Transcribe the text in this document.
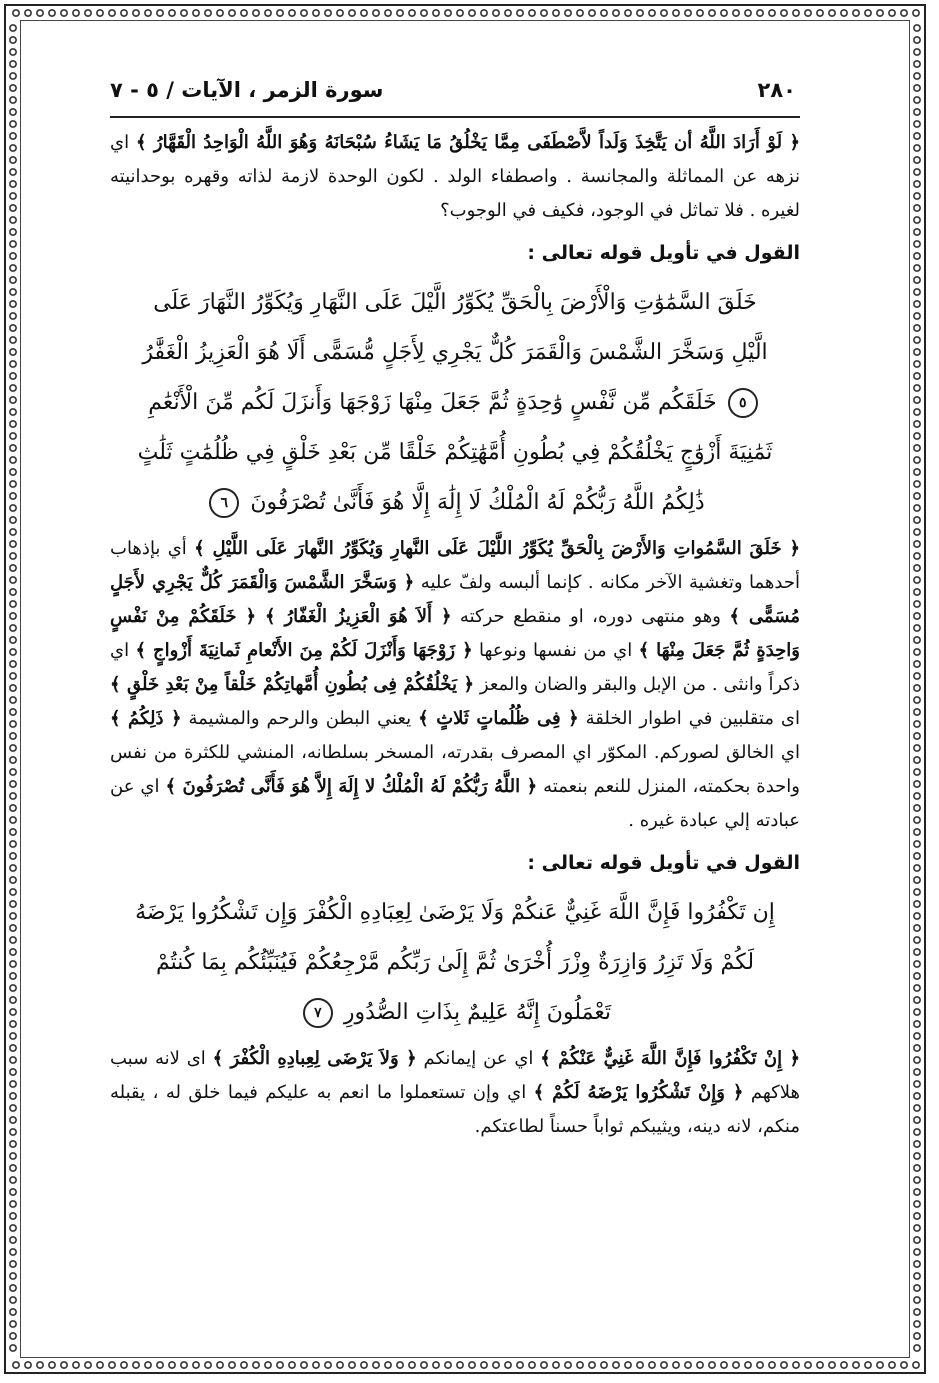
٢٨٠
سورة الزمر ، الآيات / ٥ - ٧

﴿ لَوْ أَرَادَ اللَّهُ أن يَتَّخِذَ وَلَداً لاَّصْطَفَى مِمَّا يَخْلُقُ مَا يَشَاءُ سُبْحَانَهُ وَهُوَ اللَّهُ الْوَاحِدُ الْقَهَّارُ ﴾ اي نزهه عن المماثلة والمجانسة . واصطفاء الولد . لكون الوحدة لازمة لذاته وقهره بوحدانيته لغيره . فلا تماثل في الوجود، فكيف في الوجوب؟

القول في تأويل قوله تعالى :
خَلَقَ السَّمَٰوَٰتِ وَالْأَرْضَ بِالْحَقِّ يُكَوِّرُ الَّيْلَ عَلَى النَّهَارِ وَيُكَوِّرُ النَّهَارَ عَلَى الَّيْلِ وَسَخَّرَ الشَّمْسَ وَالْقَمَرَ كُلٌّ يَجْرِي لِأَجَلٍ مُّسَمًّى أَلَا هُوَ الْعَزِيزُ الْغَفَّٰرُ ٥ خَلَقَكُم مِّن نَّفْسٍ وَٰحِدَةٍ ثُمَّ جَعَلَ مِنْهَا زَوْجَهَا وَأَنزَلَ لَكُم مِّنَ الْأَنْعَٰمِ ثَمَٰنِيَةَ أَزْوَٰجٍ يَخْلُقُكُمْ فِي بُطُونِ أُمَّهَٰتِكُمْ خَلْقًا مِّن بَعْدِ خَلْقٍ فِي ظُلُمَٰتٍ ثَلَٰثٍ ذَٰلِكُمُ اللَّهُ رَبُّكُمْ لَهُ الْمُلْكُ لَا إِلَٰهَ إِلَّا هُوَ فَأَنَّىٰ تُصْرَفُونَ ٦

﴿ خَلَقَ السَّمُواتِ وَالأَرْضَ بِالْحَقِّ يُكَوِّرُ اللَّيْلَ عَلَى النَّهارِ وَيُكَوِّرُ النَّهارَ عَلَى اللَّيْلِ ﴾ أي بإذهاب أحدهما وتغشية الآخر مكانه . كإنما ألبسه ولفّ عليه ﴿ وَسَخَّرَ الشَّمْسَ وَالْقَمَرَ كُلٌّ يَجْرِي لأَجَلٍ مُسَمًّى ﴾ وهو منتهى دوره، او منقطع حركته ﴿ أَلاَ هُوَ الْعَزِيزُ الْغَفّارُ ﴾ ﴿ خَلَقَكُمْ مِنْ نَفْسٍ وَاحِدَةٍ ثُمَّ جَعَلَ مِنْهَا ﴾ اي من نفسها ونوعها ﴿ زَوْجَهَا وَأَنْزَلَ لَكُمْ مِنَ الأَنْعامِ ثَمانِيَةَ أَزْواجٍ ﴾ اي ذكراً وانثى . من الإبل والبقر والضان والمعز ﴿ يَخْلُقُكُمْ فِى بُطُونِ أُمَّهاتِكُمْ خَلْقاً مِنْ بَعْدِ خَلْقٍ ﴾ اى متقلبين في اطوار الخلقة ﴿ فِى ظُلُماتٍ ثَلاثٍ ﴾ يعني البطن والرحم والمشيمة ﴿ ذَلِكُمُ ﴾ اي الخالق لصوركم. المكوّر اي المصرف بقدرته، المسخر بسلطانه، المنشي للكثرة من نفس واحدة بحكمته، المنزل للنعم بنعمته ﴿ اللَّهُ رَبُّكُمْ لَهُ الْمُلْكُ لا إِلَهَ إِلاَّ هُوَ فَأَنَّى تُصْرَفُونَ ﴾ اي عن عبادته إلي عبادة غيره .

القول في تأويل قوله تعالى :
إِن تَكْفُرُوا فَإِنَّ اللَّهَ غَنِيٌّ عَنكُمْ وَلَا يَرْضَىٰ لِعِبَادِهِ الْكُفْرَ وَإِن تَشْكُرُوا يَرْضَهُ لَكُمْ وَلَا تَزِرُ وَازِرَةٌ وِزْرَ أُخْرَىٰ ثُمَّ إِلَىٰ رَبِّكُم مَّرْجِعُكُمْ فَيُنَبِّئُكُم بِمَا كُنتُمْ تَعْمَلُونَ إِنَّهُ عَلِيمٌ بِذَاتِ الصُّدُورِ ٧

﴿ إِنْ تَكْفُرُوا فَإِنَّ اللَّهَ غَنِيٌّ عَنْكُمْ ﴾ اي عن إيمانكم ﴿ وَلاَ يَرْضَى لِعِبادِهِ الْكُفْرَ ﴾ اى لانه سبب هلاكهم ﴿ وَإِنْ تَشْكُرُوا يَرْضَهُ لَكُمْ ﴾ اي وإن تستعملوا ما انعم به عليكم فيما خلق له ، يقبله منكم، لانه دينه، ويثيبكم ثواباً حسناً لطاعتكم.
